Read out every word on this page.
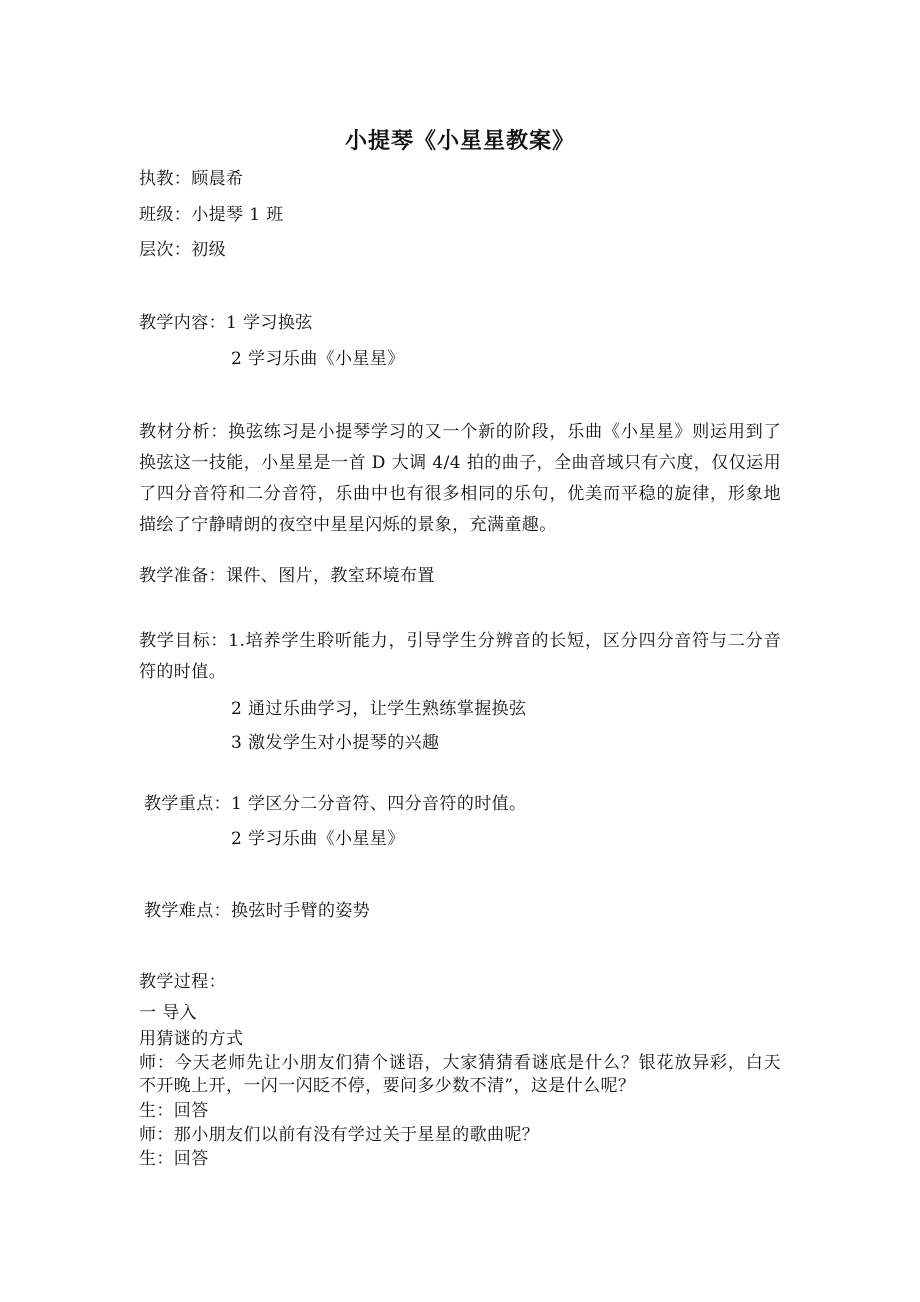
小提琴《小星星教案》
执教：顾晨希
班级：小提琴 1 班
层次：初级
教学内容：1 学习换弦
2 学习乐曲《小星星》
教材分析：换弦练习是小提琴学习的又一个新的阶段，乐曲《小星星》则运用到了换弦这一技能，小星星是一首 D 大调 4/4 拍的曲子，全曲音域只有六度，仅仅运用了四分音符和二分音符，乐曲中也有很多相同的乐句，优美而平稳的旋律，形象地描绘了宁静晴朗的夜空中星星闪烁的景象，充满童趣。
教学准备：课件、图片，教室环境布置
教学目标：1.培养学生聆听能力，引导学生分辨音的长短，区分四分音符与二分音符的时值。
2 通过乐曲学习，让学生熟练掌握换弦
3 激发学生对小提琴的兴趣
教学重点：1 学区分二分音符、四分音符的时值。
2 学习乐曲《小星星》
教学难点：换弦时手臂的姿势
教学过程：
一 导入
用猜谜的方式
师：今天老师先让小朋友们猜个谜语，大家猜猜看谜底是什么？银花放异彩，白天不开晚上开，一闪一闪眨不停，要问多少数不清”，这是什么呢？
生：回答
师：那小朋友们以前有没有学过关于星星的歌曲呢？
生：回答
